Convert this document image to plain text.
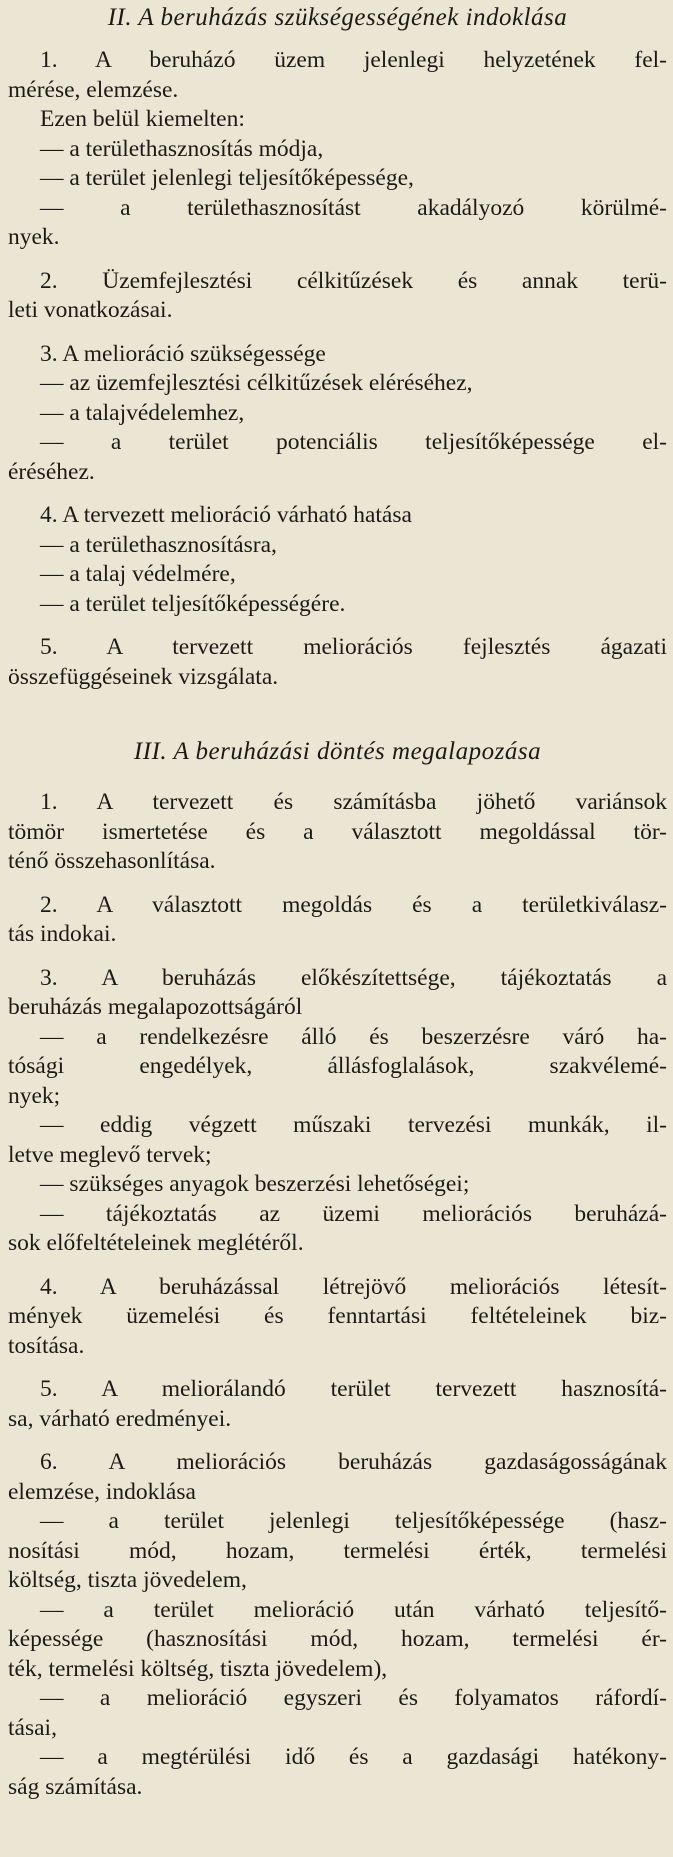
II. A beruházás szükségességének indoklása
1. A beruházó üzem jelenlegi helyzetének fel-
mérése, elemzése.
Ezen belül kiemelten:
— a területhasznosítás módja,
— a terület jelenlegi teljesítőképessége,
— a területhasznosítást akadályozó körülmé-
nyek.
2. Üzemfejlesztési célkitűzések és annak terü-
leti vonatkozásai.
3. A melioráció szükségessége
— az üzemfejlesztési célkitűzések eléréséhez,
— a talajvédelemhez,
— a terület potenciális teljesítőképessége el-
éréséhez.
4. A tervezett melioráció várható hatása
— a területhasznosításra,
— a talaj védelmére,
— a terület teljesítőképességére.
5. A tervezett meliorációs fejlesztés ágazati
összefüggéseinek vizsgálata.
III. A beruházási döntés megalapozása
1. A tervezett és számításba jöhető variánsok
tömör ismertetése és a választott megoldással tör-
ténő összehasonlítása.
2. A választott megoldás és a területkiválasz-
tás indokai.
3. A beruházás előkészítettsége, tájékoztatás a
beruházás megalapozottságáról
— a rendelkezésre álló és beszerzésre váró ha-
tósági engedélyek, állásfoglalások, szakvélemé-
nyek;
— eddig végzett műszaki tervezési munkák, il-
letve meglevő tervek;
— szükséges anyagok beszerzési lehetőségei;
— tájékoztatás az üzemi meliorációs beruházá-
sok előfeltételeinek meglétéről.
4. A beruházással létrejövő meliorációs létesít-
mények üzemelési és fenntartási feltételeinek biz-
tosítása.
5. A meliorálandó terület tervezett hasznosítá-
sa, várható eredményei.
6. A meliorációs beruházás gazdaságosságának
elemzése, indoklása
— a terület jelenlegi teljesítőképessége (hasz-
nosítási mód, hozam, termelési érték, termelési
költség, tiszta jövedelem,
— a terület melioráció után várható teljesítő-
képessége (hasznosítási mód, hozam, termelési ér-
ték, termelési költség, tiszta jövedelem),
— a melioráció egyszeri és folyamatos ráfordí-
tásai,
— a megtérülési idő és a gazdasági hatékony-
ság számítása.
